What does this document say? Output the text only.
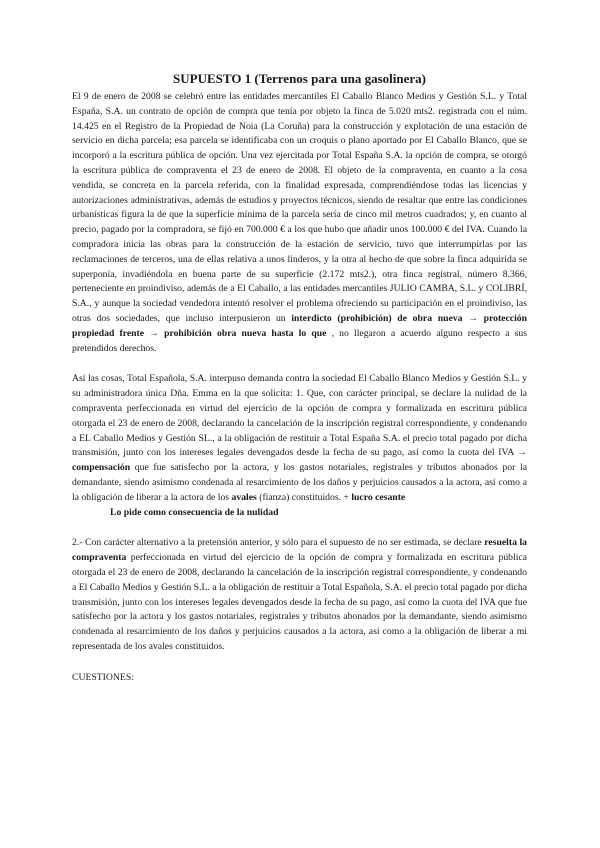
SUPUESTO 1 (Terrenos para una gasolinera)

El 9 de enero de 2008 se celebró entre las entidades mercantiles El Caballo Blanco Medios y Gestión S.L. y Total España, S.A. un contrato de opción de compra que tenía por objeto la finca de 5.020 mts2. registrada con el núm. 14.425 en el Registro de la Propiedad de Noia (La Coruña) para la construcción y explotación de una estación de servicio en dicha parcela; esa parcela se identificaba con un croquis o plano aportado por El Caballo Blanco, que se incorporó a la escritura pública de opción. Una vez ejercitada por Total España S.A. la opción de compra, se otorgó la escritura pública de compraventa el 23 de enero de 2008. El objeto de la compraventa, en cuanto a la cosa vendida, se concreta en la parcela referida, con la finalidad expresada, comprendiéndose todas las licencias y autorizaciones administrativas, además de estudios y proyectos técnicos, siendo de resaltar que entre las condiciones urbanísticas figura la de que la superficie mínima de la parcela sería de cinco mil metros cuadrados; y, en cuanto al precio, pagado por la compradora, se fijó en 700.000 € a los que hubo que añadir unos 100.000 € del IVA. Cuando la compradora inicia las obras para la construcción de la estación de servicio, tuvo que interrumpirlas por las reclamaciones de terceros, una de ellas relativa a unos linderos, y la otra al hecho de que sobre la finca adquirida se superponía, invadiéndola en buena parte de su superficie (2.172 mts2.), otra finca registral, número 8.366, perteneciente en proindiviso, además de a El Caballo, a las entidades mercantiles JULIO CAMBA, S.L. y COLIBRÍ, S.A., y aunque la sociedad vendedora intentó resolver el problema ofreciendo su participación en el proindiviso, las otras dos sociedades, que incluso interpusieron un interdicto (prohibición) de obra nueva → protección propiedad frente → prohibición obra nueva hasta lo que , no llegaron a acuerdo alguno respecto a sus pretendidos derechos.

Así las cosas, Total Española, S.A. interpuso demanda contra la sociedad El Caballo Blanco Medios y Gestión S.L. y su administradora única Dña. Emma en la que solicita: 1. Que, con carácter principal, se declare la nulidad de la compraventa perfeccionada en virtud del ejercicio de la opción de compra y formalizada en escritura pública otorgada el 23 de enero de 2008, declarando la cancelación de la inscripción registral correspondiente, y condenando a EL Caballo Medios y Gestión SL., a la obligación de restituir a Total España S.A. el precio total pagado por dicha transmisión, junto con los intereses legales devengados desde la fecha de su pago, así como la cuota del IVA → compensación que fue satisfecho por la actora, y los gastos notariales, registrales y tributos abonados por la demandante, siendo asimismo condenada al resarcimiento de los daños y perjuicios causados a la actora, así como a la obligación de liberar a la actora de los avales (fianza) constituidos. + lucro cesante

Lo pide como consecuencia de la nulidad

2.- Con carácter alternativo a la pretensión anterior, y sólo para el supuesto de no ser estimada, se declare resuelta la compraventa perfeccionada en virtud del ejercicio de la opción de compra y formalizada en escritura pública otorgada el 23 de enero de 2008, declarando la cancelación de la inscripción registral correspondiente, y condenando a El Caballo Medios y Gestión S.L. a la obligación de restituir a Total Española, S.A. el precio total pagado por dicha transmisión, junto con los intereses legales devengados desde la fecha de su pago, así como la cuota del IVA que fue satisfecho por la actora y los gastos notariales, registrales y tributos abonados por la demandante, siendo asimismo condenada al resarcimiento de los daños y perjuicios causados a la actora, así como a la obligación de liberar a mi representada de los avales constituidos.

CUESTIONES:
